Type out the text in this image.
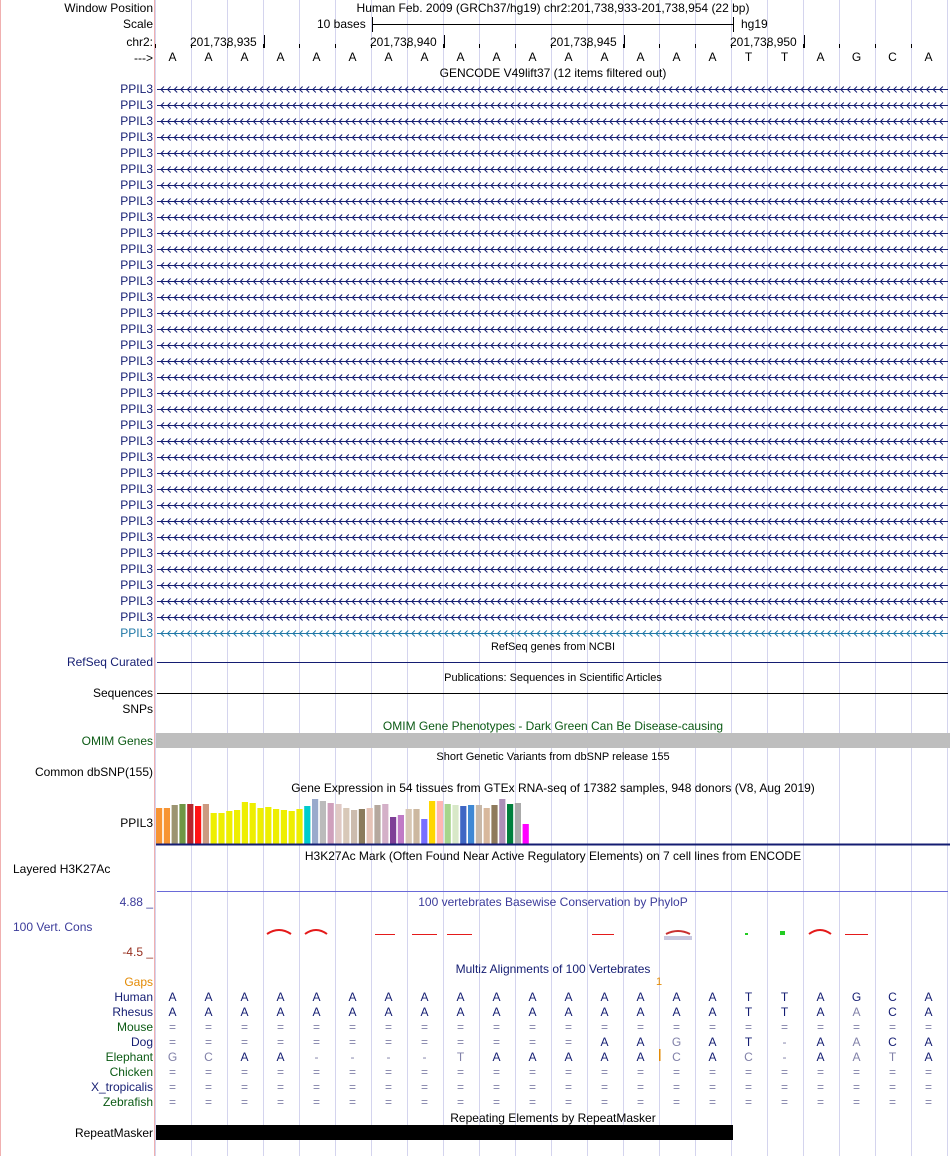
Window Position	Human Feb. 2009 (GRCh37/hg19) chr2:201,738,933-201,738,954 (22 bp)
Scale	10 bases	hg19
chr2:	201,738,935	201,738,940	201,738,945	201,738,950
---> A A A A A A A A A A A A A A A A T T A G C A
GENCODE V49lift37 (12 items filtered out)
PPIL3
PPIL3
PPIL3
PPIL3
PPIL3
PPIL3
PPIL3
PPIL3
PPIL3
PPIL3
PPIL3
PPIL3
PPIL3
PPIL3
PPIL3
PPIL3
PPIL3
PPIL3
PPIL3
PPIL3
PPIL3
PPIL3
PPIL3
PPIL3
PPIL3
PPIL3
PPIL3
PPIL3
PPIL3
PPIL3
PPIL3
PPIL3
PPIL3
PPIL3
PPIL3
RefSeq genes from NCBI
RefSeq Curated
Publications: Sequences in Scientific Articles
Sequences
SNPs
OMIM Gene Phenotypes - Dark Green Can Be Disease-causing
OMIM Genes
Short Genetic Variants from dbSNP release 155
Common dbSNP(155)
Gene Expression in 54 tissues from GTEx RNA-seq of 17382 samples, 948 donors (V8, Aug 2019)
PPIL3
H3K27Ac Mark (Often Found Near Active Regulatory Elements) on 7 cell lines from ENCODE
Layered H3K27Ac
100 vertebrates Basewise Conservation by PhyloP
4.88 _
100 Vert. Cons
-4.5 _
Multiz Alignments of 100 Vertebrates
Gaps	1
Human A A A A A A A A A A A A A A A A T T A G C A
Rhesus A A A A A A A A A A A A A A A A T T A A C A
Mouse = = = = = = = = = = = = = = = = = = = = = =
Dog = = = = = = = = = = = = A A G A T	- A A C A
Elephant G C A A	-	-	-	-	T A A A A A C A C - A A T A
Chicken = = = = = = = = = = = = = = = = = = = = = =
X_tropicalis = = = = = = = = = = = = = = = = = = = = = =
Zebrafish = = = = = = = = = = = = = = = = = = = = = =
Repeating Elements by RepeatMasker
RepeatMasker
